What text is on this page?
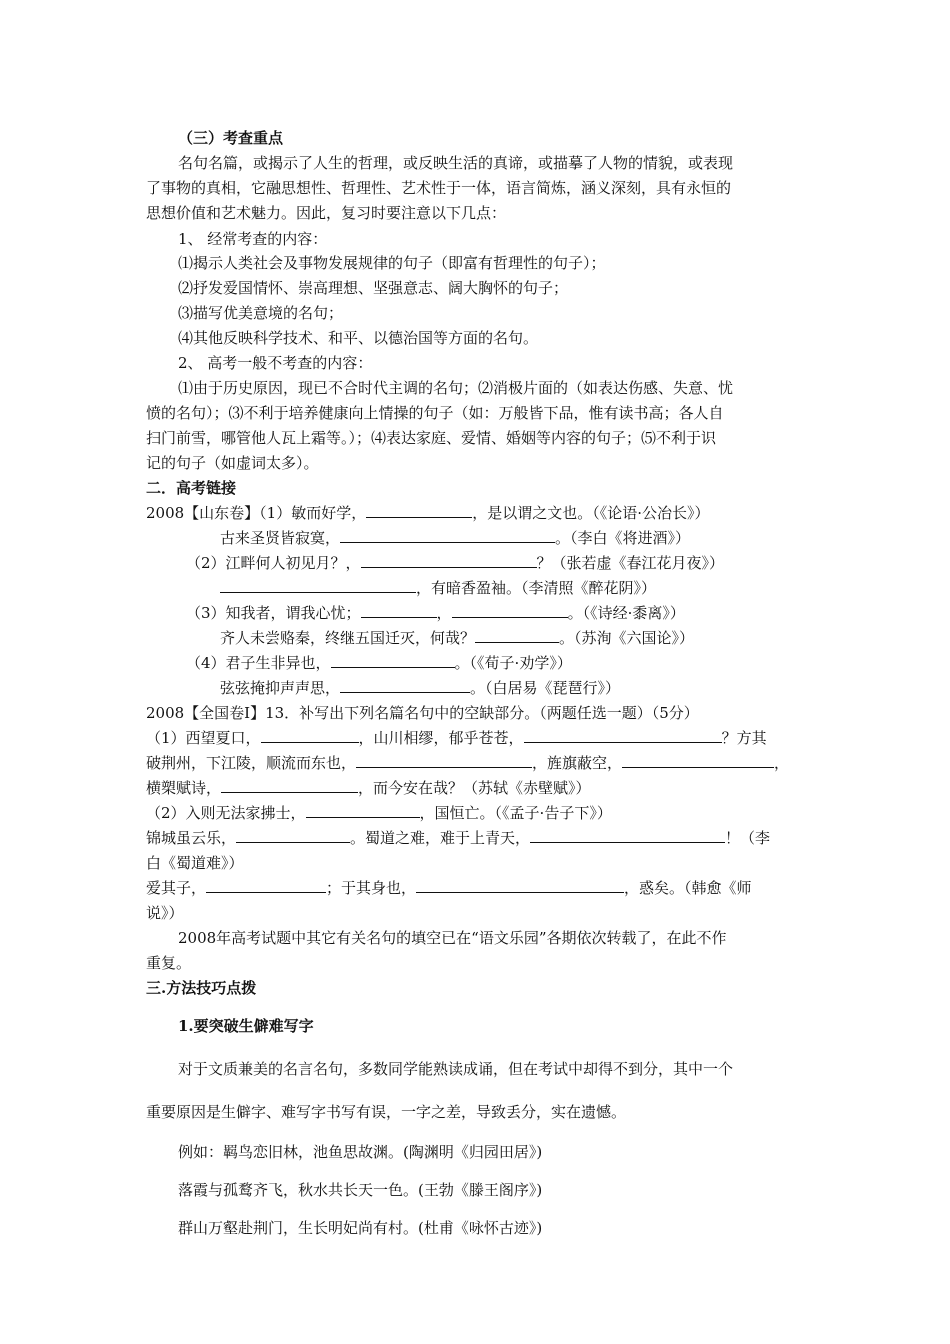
（三）考查重点
名句名篇，或揭示了人生的哲理，或反映生活的真谛，或描摹了人物的情貌，或表现
了事物的真相，它融思想性、哲理性、艺术性于一体，语言简炼，涵义深刻，具有永恒的
思想价值和艺术魅力。因此，复习时要注意以下几点：
1、 经常考查的内容：
⑴揭示人类社会及事物发展规律的句子（即富有哲理性的句子）；
⑵抒发爱国情怀、崇高理想、坚强意志、阔大胸怀的句子；
⑶描写优美意境的名句；
⑷其他反映科学技术、和平、以德治国等方面的名句。
2、 高考一般不考查的内容：
⑴由于历史原因，现已不合时代主调的名句；⑵消极片面的（如表达伤感、失意、忧
愤的名句）；⑶不利于培养健康向上情操的句子（如：万般皆下品，惟有读书高；各人自
扫门前雪，哪管他人瓦上霜等。）；⑷表达家庭、爱情、婚姻等内容的句子；⑸不利于识
记的句子（如虚词太多）。
二．高考链接
2008【山东卷】（1）敏而好学，	，是以谓之文也。（《论语·公冶长》）
古来圣贤皆寂寞，	。（李白《将进酒》）
（2）江畔何人初见月？，	？（张若虚《春江花月夜》）
，有暗香盈袖。（李清照《醉花阴》）
（3）知我者，谓我心忧；	，	。（《诗经·黍离》）
齐人未尝赂秦，终继五国迁灭，何哉？	。（苏洵《六国论》）
（4）君子生非异也，	。（《荀子·劝学》）
弦弦掩抑声声思，	。（白居易《琵琶行》）
2008【全国卷Ⅰ】13．补写出下列名篇名句中的空缺部分。（两题任选一题）（5分）
（1）西望夏口，	，山川相缪，郁乎苍苍，	？方其
破荆州，下江陵，顺流而东也，	，旌旗蔽空，	，
横槊赋诗，	，而今安在哉？（苏轼《赤壁赋》）
（2）入则无法家拂士，	，国恒亡。（《孟子·告子下》）
锦城虽云乐，	。蜀道之难，难于上青天，	！（李
白《蜀道难》）
爱其子，	；于其身也，	，惑矣。（韩愈《师
说》）
2008年高考试题中其它有关名句的填空已在“语文乐园”各期依次转载了，在此不作
重复。
三.方法技巧点拨
1.要突破生僻难写字
对于文质兼美的名言名句，多数同学能熟读成诵，但在考试中却得不到分，其中一个
重要原因是生僻字、难写字书写有误，一字之差，导致丢分，实在遗憾。
例如：羁鸟恋旧林，池鱼思故渊。(陶渊明《归园田居》)
落霞与孤鹜齐飞，秋水共长天一色。(王勃《滕王阁序》)
群山万壑赴荆门，生长明妃尚有村。(杜甫《咏怀古迹》)
